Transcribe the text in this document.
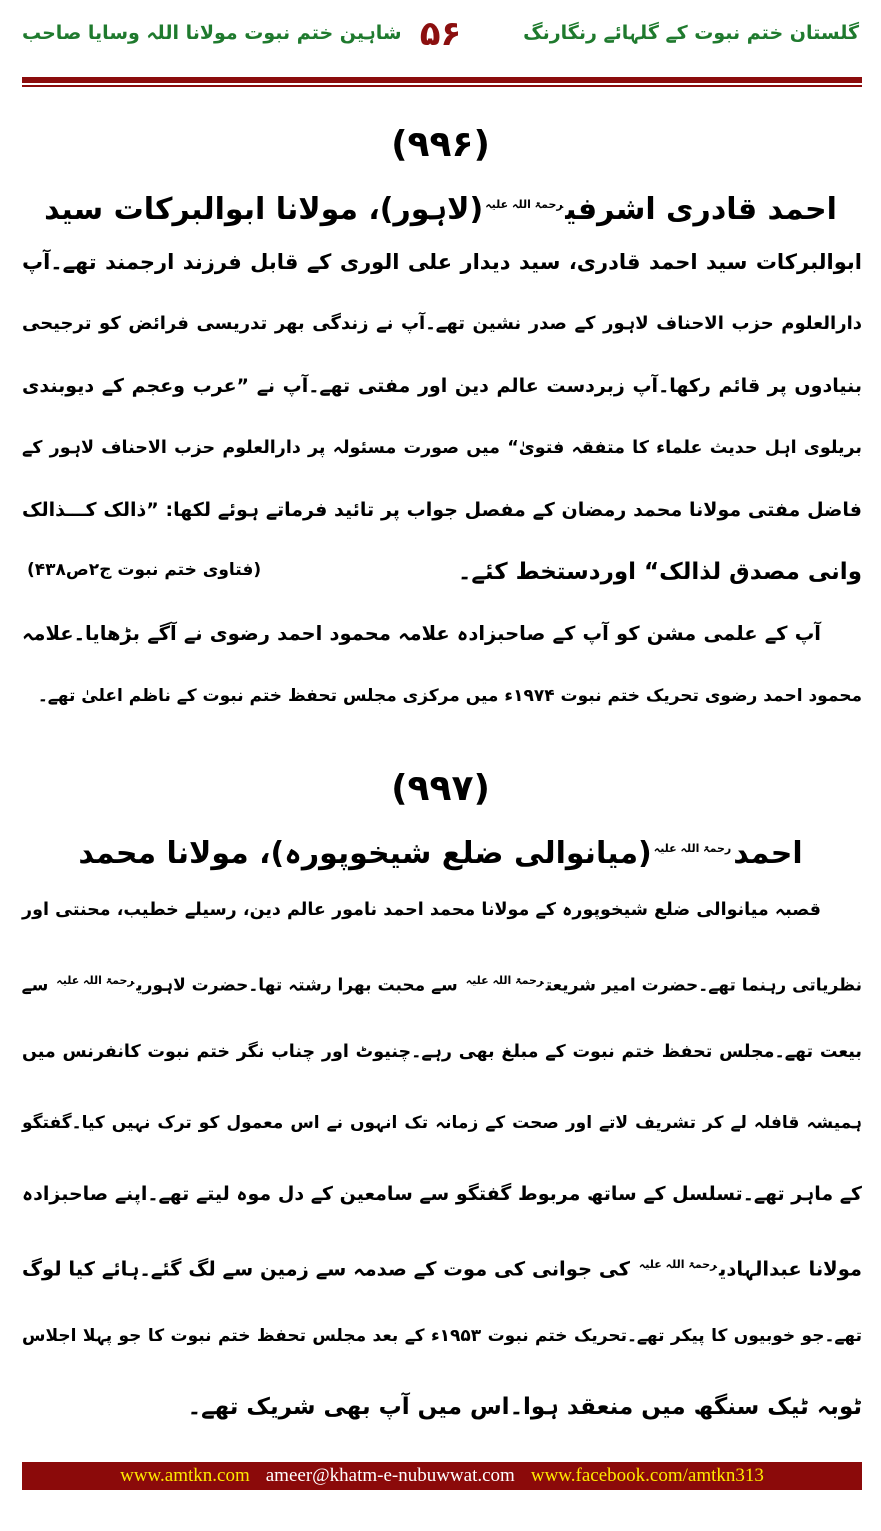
گلستان ختم نبوت کے گلہائے رنگارنگ
۵۶
شاہین ختم نبوت مولانا اللہ وسایا صاحب
(۹۹۶)
احمد قادری اشرفی$^{رحمۃ اللہ علیہ}$(لاہور)، مولانا ابوالبرکات سید
ابوالبرکات سید احمد قادری، سید دیدار علی الوری کے قابل فرزند ارجمند تھے۔آپ
دارالعلوم حزب الاحناف لاہور کے صدر نشین تھے۔آپ نے زندگی بھر تدریسی فرائض کو ترجیحی
بنیادوں پر قائم رکھا۔آپ زبردست عالم دین اور مفتی تھے۔آپ نے ”عرب وعجم کے دیوبندی
بریلوی اہل حدیث علماء کا متفقہ فتویٰ“ میں صورت مسئولہ پر دارالعلوم حزب الاحناف لاہور کے
فاضل مفتی مولانا محمد رمضان کے مفصل جواب پر تائید فرماتے ہوئے لکھا: ”ذالک کـــذالک
وانی مصدق لذالک“ اوردستخط کئے۔
(فتاوی ختم نبوت ج۲ص۴۳۸)
آپ کے علمی مشن کو آپ کے صاحبزادہ علامہ محمود احمد رضوی نے آگے بڑھایا۔علامہ
محمود احمد رضوی تحریک ختم نبوت ۱۹۷۴ء میں مرکزی مجلس تحفظ ختم نبوت کے ناظم اعلیٰ تھے۔
(۹۹۷)
احمد$^{رحمۃ اللہ علیہ}$(میانوالی ضلع شیخوپورہ)، مولانا محمد
قصبہ میانوالی ضلع شیخوپورہ کے مولانا محمد احمد نامور عالم دین، رسیلے خطیب، محنتی اور
نظریاتی رہنما تھے۔حضرت امیر شریعت$^{رحمۃ اللہ علیہ}$ سے محبت بھرا رشتہ تھا۔حضرت لاہوری$^{رحمۃ اللہ علیہ}$ سے
بیعت تھے۔مجلس تحفظ ختم نبوت کے مبلغ بھی رہے۔چنیوٹ اور چناب نگر ختم نبوت کانفرنس میں
ہمیشہ قافلہ لے کر تشریف لاتے اور صحت کے زمانہ تک انہوں نے اس معمول کو ترک نہیں کیا۔گفتگو
کے ماہر تھے۔تسلسل کے ساتھ مربوط گفتگو سے سامعین کے دل موہ لیتے تھے۔اپنے صاحبزادہ
مولانا عبدالہادی$^{رحمۃ اللہ علیہ}$ کی جوانی کی موت کے صدمہ سے زمین سے لگ گئے۔ہائے کیا لوگ
تھے۔جو خوبیوں کا پیکر تھے۔تحریک ختم نبوت ۱۹۵۳ء کے بعد مجلس تحفظ ختم نبوت کا جو پہلا اجلاس
ٹوبہ ٹیک سنگھ میں منعقد ہوا۔اس میں آپ بھی شریک تھے۔
www.amtkn.com ameer@khatm-e-nubuwwat.com www.facebook.com/amtkn313
